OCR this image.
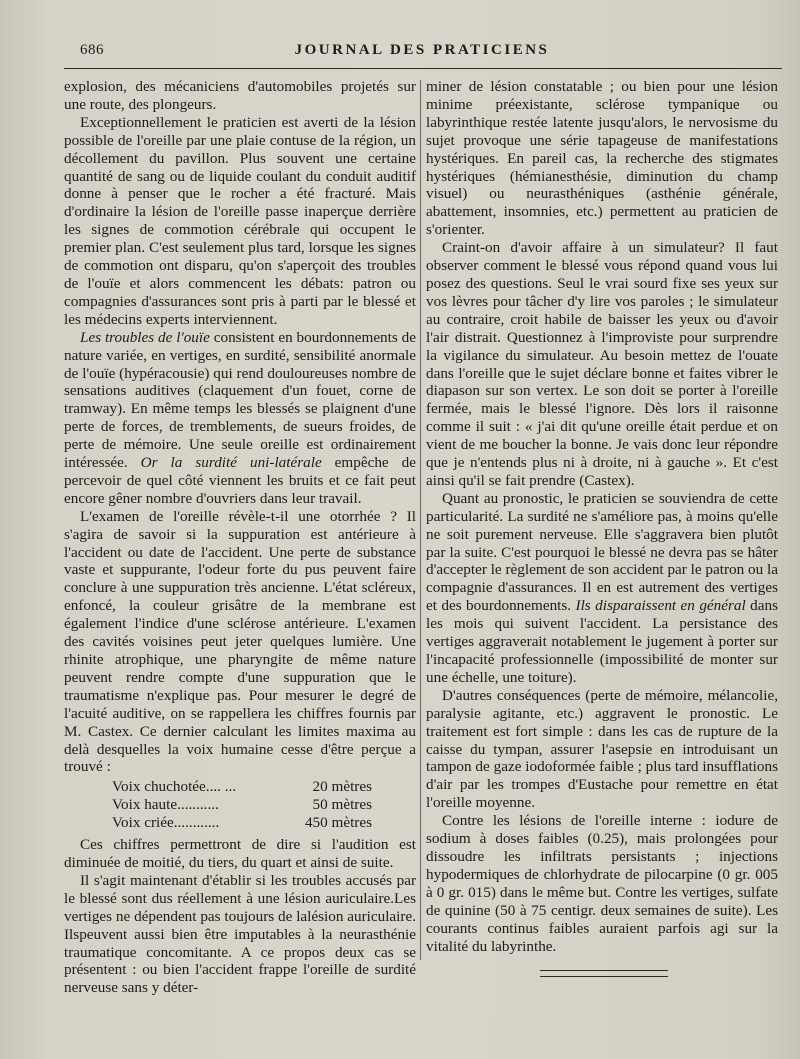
686	JOURNAL DES PRATICIENS

explosion, des mécaniciens d'automobiles projetés sur une route, des plongeurs.

Exceptionnellement le praticien est averti de la lésion possible de l'oreille par une plaie contuse de la région, un décollement du pavillon. Plus souvent une certaine quantité de sang ou de liquide coulant du conduit auditif donne à penser que le rocher a été fracturé. Mais d'ordinaire la lésion de l'oreille passe inaperçue derrière les signes de commotion cérébrale qui occupent le premier plan. C'est seulement plus tard, lorsque les signes de commotion ont disparu, qu'on s'aperçoit des troubles de l'ouïe et alors commencent les débats: patron ou compagnies d'assurances sont pris à parti par le blessé et les médecins experts interviennent.

Les troubles de l'ouïe consistent en bourdonnements de nature variée, en vertiges, en surdité, sensibilité anormale de l'ouïe (hypéracousie) qui rend douloureuses nombre de sensations auditives (claquement d'un fouet, corne de tramway). En même temps les blessés se plaignent d'une perte de forces, de tremblements, de sueurs froides, de perte de mémoire. Une seule oreille est ordinairement intéressée. Or la surdité uni-latérale empêche de percevoir de quel côté viennent les bruits et ce fait peut encore gêner nombre d'ouvriers dans leur travail.

L'examen de l'oreille révèle-t-il une otorrhée ? Il s'agira de savoir si la suppuration est antérieure à l'accident ou date de l'accident. Une perte de substance vaste et suppurante, l'odeur forte du pus peuvent faire conclure à une suppuration très ancienne. L'état scléreux, enfoncé, la couleur grisâtre de la membrane est également l'indice d'une sclérose antérieure. L'examen des cavités voisines peut jeter quelques lumière. Une rhinite atrophique, une pharyngite de même nature peuvent rendre compte d'une suppuration que le traumatisme n'explique pas. Pour mesurer le degré de l'acuité auditive, on se rappellera les chiffres fournis par M. Castex. Ce dernier calculant les limites maxima au delà desquelles la voix humaine cesse d'être perçue a trouvé :

Voix chuchotée.... ...	20 mètres
Voix haute...........	50 mètres
Voix criée............	450 mètres

Ces chiffres permettront de dire si l'audition est diminuée de moitié, du tiers, du quart et ainsi de suite.

Il s'agit maintenant d'établir si les troubles accusés par le blessé sont dus réellement à une lésion auriculaire.Les vertiges ne dépendent pas toujours de lalésion auriculaire. Ilspeuvent aussi bien être imputables à la neurasthénie traumatique concomitante. A ce propos deux cas se présentent : ou bien l'accident frappe l'oreille de surdité nerveuse sans y déter-

miner de lésion constatable ; ou bien pour une lésion minime préexistante, sclérose tympanique ou labyrinthique restée latente jusqu'alors, le nervosisme du sujet provoque une série tapageuse de manifestations hystériques. En pareil cas, la recherche des stigmates hystériques (hémianesthésie, diminution du champ visuel) ou neurasthéniques (asthénie générale, abattement, insomnies, etc.) permettent au praticien de s'orienter.

Craint-on d'avoir affaire à un simulateur? Il faut observer comment le blessé vous répond quand vous lui posez des questions. Seul le vrai sourd fixe ses yeux sur vos lèvres pour tâcher d'y lire vos paroles ; le simulateur au contraire, croit habile de baisser les yeux ou d'avoir l'air distrait. Questionnez à l'improviste pour surprendre la vigilance du simulateur. Au besoin mettez de l'ouate dans l'oreille que le sujet déclare bonne et faites vibrer le diapason sur son vertex. Le son doit se porter à l'oreille fermée, mais le blessé l'ignore. Dès lors il raisonne comme il suit : « j'ai dit qu'une oreille était perdue et on vient de me boucher la bonne. Je vais donc leur répondre que je n'entends plus ni à droite, ni à gauche ». Et c'est ainsi qu'il se fait prendre (Castex).

Quant au pronostic, le praticien se souviendra de cette particularité. La surdité ne s'améliore pas, à moins qu'elle ne soit purement nerveuse. Elle s'aggravera bien plutôt par la suite. C'est pourquoi le blessé ne devra pas se hâter d'accepter le règlement de son accident par le patron ou la compagnie d'assurances. Il en est autrement des vertiges et des bourdonnements. Ils disparaissent en général dans les mois qui suivent l'accident. La persistance des vertiges aggraverait notablement le jugement à porter sur l'incapacité professionnelle (impossibilité de monter sur une échelle, une toiture).

D'autres conséquences (perte de mémoire, mélancolie, paralysie agitante, etc.) aggravent le pronostic. Le traitement est fort simple : dans les cas de rupture de la caisse du tympan, assurer l'asepsie en introduisant un tampon de gaze iodoformée faible ; plus tard insufflations d'air par les trompes d'Eustache pour remettre en état l'oreille moyenne.

Contre les lésions de l'oreille interne : iodure de sodium à doses faibles (0.25), mais prolongées pour dissoudre les infiltrats persistants ; injections hypodermiques de chlorhydrate de pilocarpine (0 gr. 005 à 0 gr. 015) dans le même but. Contre les vertiges, sulfate de quinine (50 à 75 centigr. deux semaines de suite). Les courants continus faibles auraient parfois agi sur la vitalité du labyrinthe.
